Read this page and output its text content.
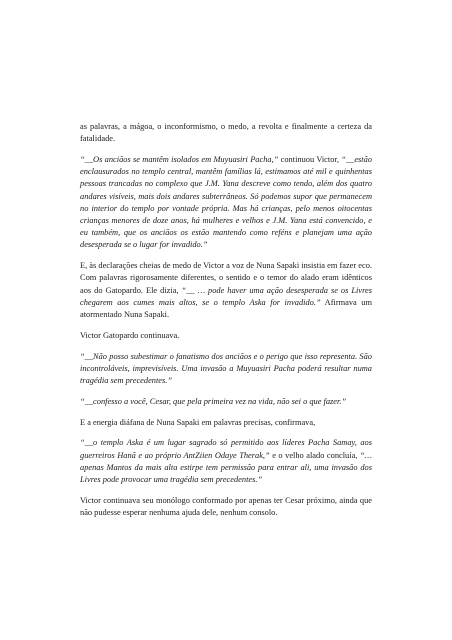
as palavras, a mágoa, o inconformismo, o medo, a revolta e finalmente a certeza da fatalidade.

“__Os anciãos se mantêm isolados em Muyuasiri Pacha,” continuou Victor, “__estão enclausurados no templo central, mantêm famílias lá, estimamos até mil e quinhentas pessoas trancadas no complexo que J.M. Yana descreve como tendo, além dos quatro andares visíveis, mais dois andares subterrâneos. Só podemos supor que permanecem no interior do templo por vontade própria. Mas há crianças, pelo menos oitocentas crianças menores de doze anos, há mulheres e velhos e J.M. Yana está convencido, e eu também, que os anciãos os estão mantendo como reféns e planejam uma ação desesperada se o lugar for invadido.”

E, às declarações cheias de medo de Victor a voz de Nuna Sapaki insistia em fazer eco. Com palavras rigorosamente diferentes, o sentido e o temor do alado eram idênticos aos do Gatopardo. Ele dizia, “__ … pode haver uma ação desesperada se os Livres chegarem aos cumes mais altos, se o templo Aska for invadido.” Afirmava um atormentado Nuna Sapaki.

Victor Gatopardo continuava.

“__Não posso subestimar o fanatismo dos anciãos e o perigo que isso representa. São incontroláveis, imprevisíveis. Uma invasão a Muyuasiri Pacha poderá resultar numa tragédia sem precedentes.”

“__confesso a você, Cesar, que pela primeira vez na vida, não sei o que fazer.”

E a energia diáfana de Nuna Sapaki em palavras precisas, confirmava,

“__o templo Aska é um lugar sagrado só permitido aos líderes Pacha Samay, aos guerreiros Hanã e ao próprio AntZiien Odaye Therak,” e o velho alado concluía, “…apenas Mantos da mais alta estirpe tem permissão para entrar ali, uma invasão dos Livres pode provocar uma tragédia sem precedentes.”

Victor continuava seu monólogo conformado por apenas ter Cesar próximo, ainda que não pudesse esperar nenhuma ajuda dele, nenhum consolo.
